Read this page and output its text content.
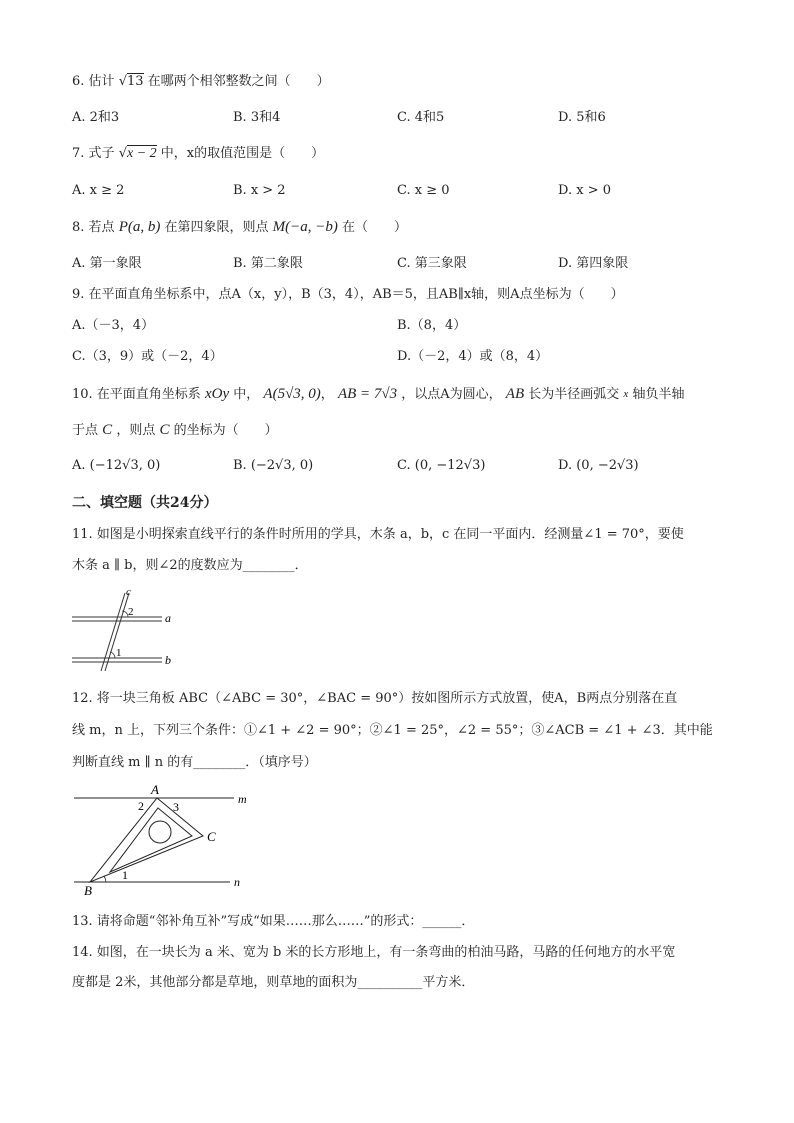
6. 估计 √13 在哪两个相邻整数之间（　　）
A. 2和3	B. 3和4	C. 4和5	D. 5和6
7. 式子 √x − 2 中，x的取值范围是（　　）
A. x ≥ 2	B. x > 2	C. x ≥ 0	D. x > 0
8. 若点 P(a, b) 在第四象限，则点 M(−a, −b) 在（　　）
A. 第一象限	B. 第二象限	C. 第三象限	D. 第四象限
9. 在平面直角坐标系中，点A（x，y），B（3，4），AB＝5，且AB∥x轴，则A点坐标为（　　）
A.（－3，4）	B.（8，4）
C.（3，9）或（－2，4）	D.（－2，4）或（8，4）
10. 在平面直角坐标系 xOy 中， A(5√3, 0)， AB = 7√3 ，以点A为圆心， AB 长为半径画弧交 $^x$ 轴负半轴
于点 C ，则点 C 的坐标为（　　）
A. (−12√3, 0)	B. (−2√3, 0)	C. (0, −12√3)	D. (0, −2√3)
二、填空题（共24分）
11. 如图是小明探索直线平行的条件时所用的学具，木条 a，b，c 在同一平面内．经测量∠1 = 70°，要使
木条 a ∥ b，则∠2的度数应为________．
c
2
1
a
b
12. 将一块三角板 ABC（∠ABC = 30°，∠BAC = 90°）按如图所示方式放置，使A，B两点分别落在直
线 m，n 上，下列三个条件：①∠1 + ∠2 = 90°；②∠1 = 25°，∠2 = 55°；③∠ACB = ∠1 + ∠3．其中能
判断直线 m ∥ n 的有________．（填序号）
A
B
C
m
n
2 3
1
13. 请将命题“邻补角互补”写成“如果……那么……”的形式：______．
14. 如图，在一块长为 a 米、宽为 b 米的长方形地上，有一条弯曲的柏油马路，马路的任何地方的水平宽
度都是 2米，其他部分都是草地，则草地的面积为__________平方米．
